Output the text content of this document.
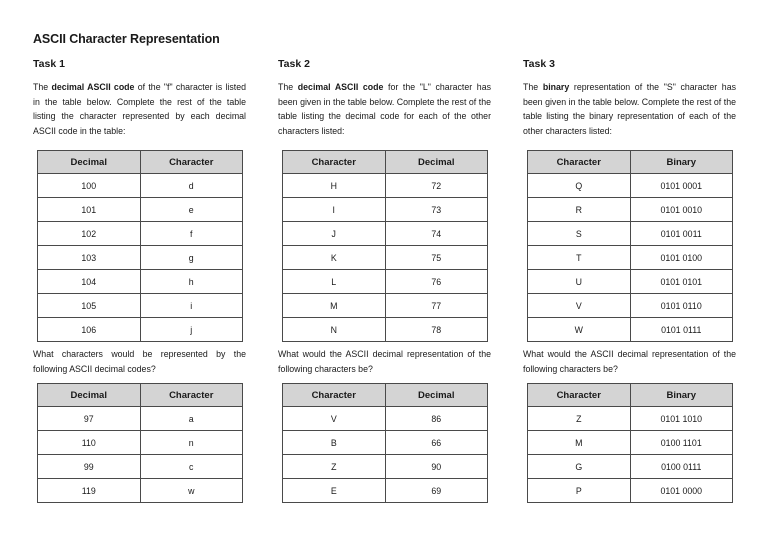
ASCII Character Representation
Task 1
The decimal ASCII code of the "f" character is listed in the table below. Complete the rest of the table listing the character represented by each decimal ASCII code in the table:
Decimal	Character
100	d
101	e
102	f
103	g
104	h
105	i
106	j
What characters would be represented by the following ASCII decimal codes?
Decimal	Character
97	a
110	n
99	c
119	w
Task 2
The decimal ASCII code for the "L" character has been given in the table below. Complete the rest of the table listing the decimal code for each of the other characters listed:
Character	Decimal
H	72
I	73
J	74
K	75
L	76
M	77
N	78
What would the ASCII decimal representation of the following characters be?
Character	Decimal
V	86
B	66
Z	90
E	69
Task 3
The binary representation of the "S" character has been given in the table below. Complete the rest of the table listing the binary representation of each of the other characters listed:
Character	Binary
Q	0101 0001
R	0101 0010
S	0101 0011
T	0101 0100
U	0101 0101
V	0101 0110
W	0101 0111
What would the ASCII decimal representation of the following characters be?
Character	Binary
Z	0101 1010
M	0100 1101
G	0100 0111
P	0101 0000
